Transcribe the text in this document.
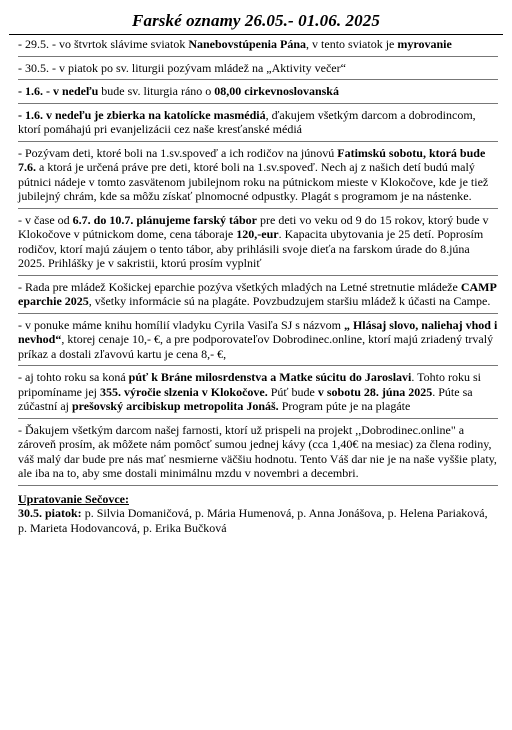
Farské oznamy 26.05.- 01.06. 2025

- 29.5. - vo štvrtok slávime sviatok Nanebovstúpenia Pána, v tento sviatok je myrovanie

- 30.5. - v piatok po sv. liturgii pozývam mládež na „Aktivity večer“

- 1.6. - v nedeľu bude sv. liturgia ráno o 08,00 cirkevnoslovanská

- 1.6. v nedeľu je zbierka na katolícke masmédiá, ďakujem všetkým darcom a dobrodincom, ktorí pomáhajú pri evanjelizácii cez naše kresťanské médiá

- Pozývam deti, ktoré boli na 1.sv.spoveď a ich rodičov na júnovú Fatimskú sobotu, ktorá bude 7.6. a ktorá je určená práve pre deti, ktoré boli na 1.sv.spoveď. Nech aj z našich detí budú malý pútnici nádeje v tomto zasvätenom jubilejnom roku na pútnickom mieste v Klokočove, kde je tiež jubilejný chrám, kde sa môžu získať plnomocné odpustky. Plagát s programom je na nástenke.

- v čase od 6.7. do 10.7. plánujeme farský tábor pre deti vo veku od 9 do 15 rokov, ktorý bude v Klokočove v pútnickom dome, cena táboraje 120,-eur. Kapacita ubytovania je 25 detí. Poprosím rodičov, ktorí majú záujem o tento tábor, aby prihlásili svoje dieťa na farskom úrade do 8.júna 2025. Prihlášky je v sakristii, ktorú prosím vyplniť

- Rada pre mládež Košickej eparchie pozýva všetkých mladých na Letné stretnutie mládeže CAMP eparchie 2025, všetky informácie sú na plagáte. Povzbudzujem staršiu mládež k účasti na Campe.

- v ponuke máme knihu homílií vladyku Cyrila Vasiľa SJ s názvom „ Hlásaj slovo, naliehaj vhod i nevhod“, ktorej cenaje 10,- €, a pre podporovateľov Dobrodinec.online, ktorí majú zriadený trvalý príkaz a dostali zľavovú kartu je cena 8,- €,

- aj tohto roku sa koná púť k Bráne milosrdenstva a Matke súcitu do Jaroslavi. Tohto roku si pripomíname jej 355. výročie slzenia v Klokočove. Púť bude v sobotu 28. júna 2025. Púte sa zúčastní aj prešovský arcibiskup metropolita Jonáš. Program púte je na plagáte

- Ďakujem všetkým darcom našej farnosti, ktorí už prispeli na projekt ,,Dobrodinec.online" a zároveň prosím, ak môžete nám pomôcť sumou jednej kávy (cca 1,40€ na mesiac) za člena rodiny, váš malý dar bude pre nás mať nesmierne väčšiu hodnotu. Tento Váš dar nie je na naše vyššie platy, ale iba na to, aby sme dostali minimálnu mzdu v novembri a decembri.

Upratovanie Sečovce:

30.5. piatok: p. Silvia Domaničová, p. Mária Humenová, p. Anna Jonášova, p. Helena Pariaková, p. Marieta Hodovancová, p. Erika Bučková
